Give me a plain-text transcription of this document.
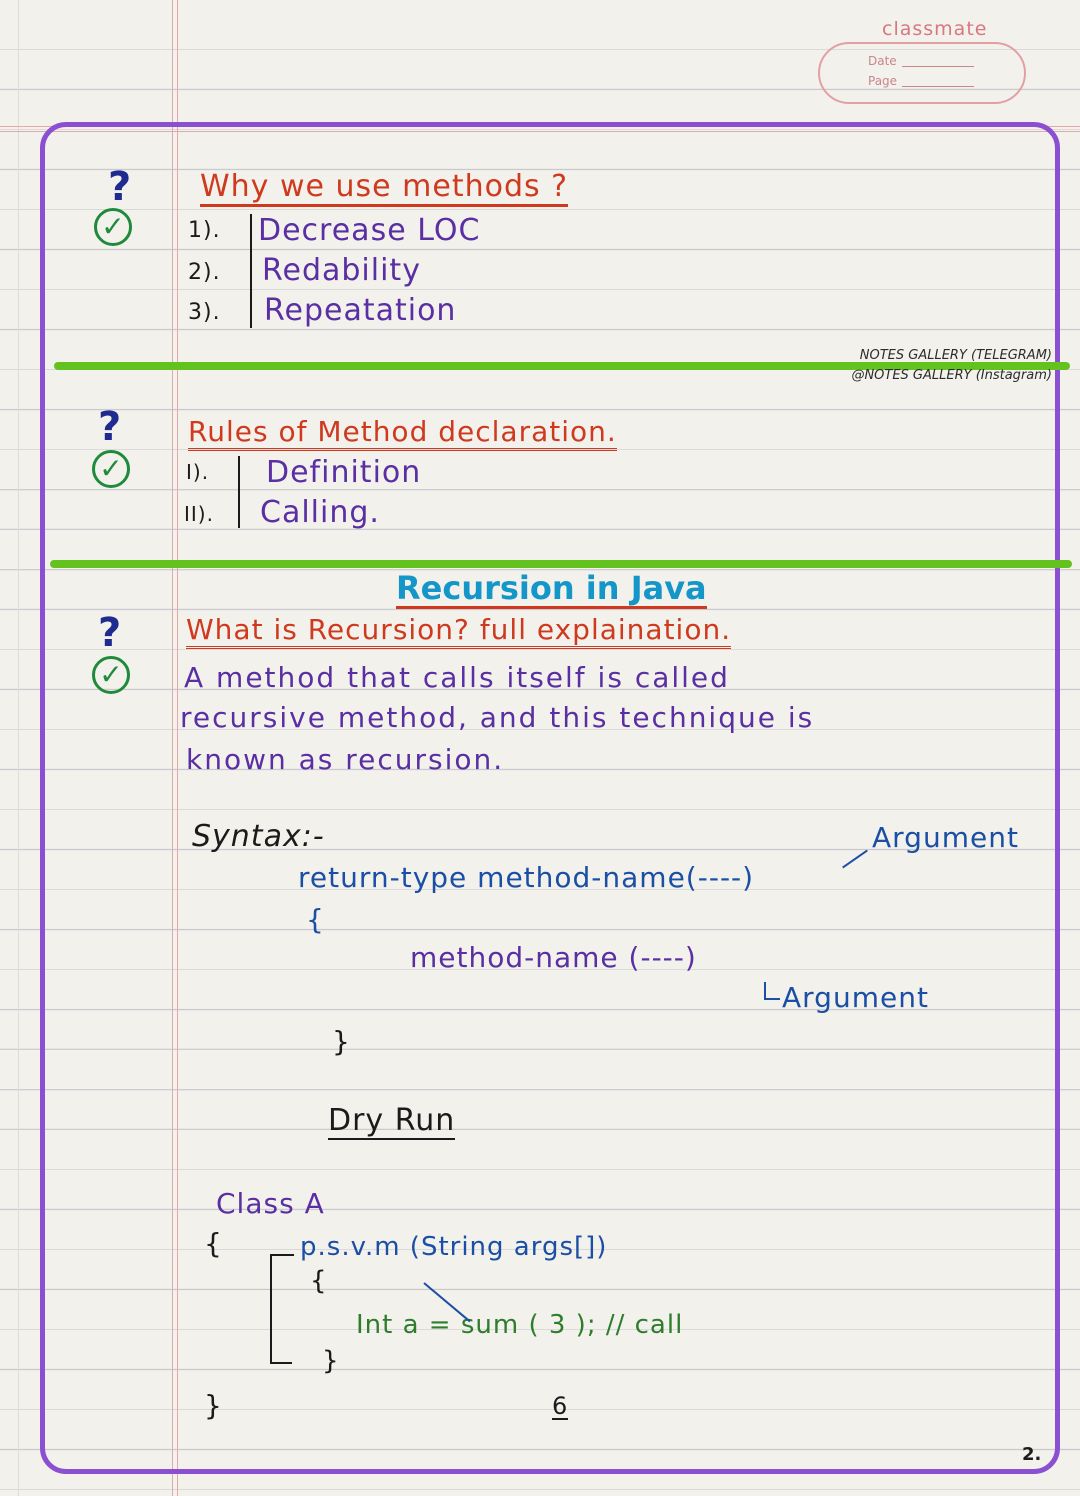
classmate
Date
Page
?
✓
Why we use methods ?
1). Decrease LOC
2). Redability
3). Repeatation
NOTES GALLERY (TELEGRAM)
@NOTES GALLERY (Instagram)
?
✓
Rules of Method declaration.
I). Definition
II). Calling.
Recursion in Java
?
✓
What is Recursion? full explaination.
A method that calls itself is called
recursive method, and this technique is
known as recursion.
Syntax:-
return-type method-name(----)
Argument
{
method-name (----)
Argument
}
Dry Run
Class A
{	p.s.v.m (String args[])
{
Int a = sum ( 3 ); // call
}
}	6
2.
